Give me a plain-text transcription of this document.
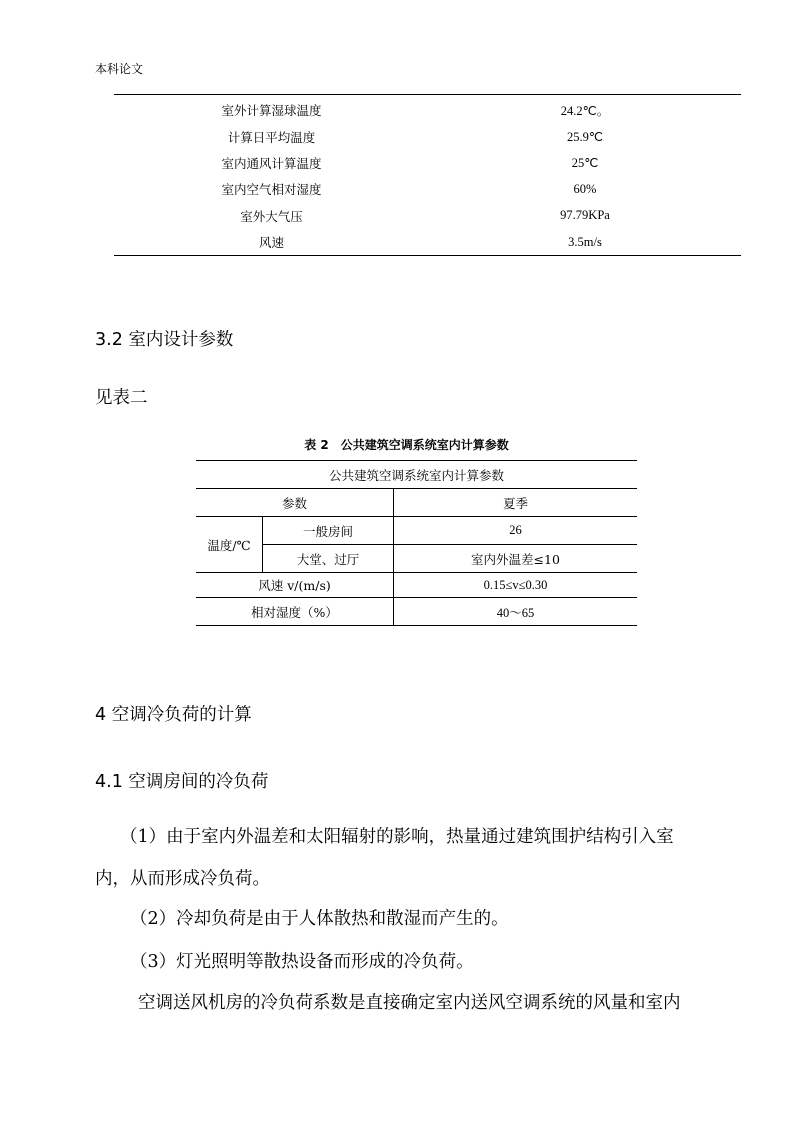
本科论文
室外计算湿球温度	24.2℃。
计算日平均温度	25.9℃
室内通风计算温度	25℃
室内空气相对湿度	60%
室外大气压	97.79KPa
风速	3.5m/s
3.2 室内设计参数
见表二
表 2　公共建筑空调系统室内计算参数
公共建筑空调系统室内计算参数		
参数		夏季
温度/℃	一般房间	26
	大堂、过厅	室内外温差≤10
风速 v/(m/s)		0.15≤v≤0.30
相对湿度（%）		40～65
4 空调冷负荷的计算
4.1 空调房间的冷负荷
（1）由于室内外温差和太阳辐射的影响，热量通过建筑围护结构引入室
内，从而形成冷负荷。
（2）冷却负荷是由于人体散热和散湿而产生的。
（3）灯光照明等散热设备而形成的冷负荷。
空调送风机房的冷负荷系数是直接确定室内送风空调系统的风量和室内
